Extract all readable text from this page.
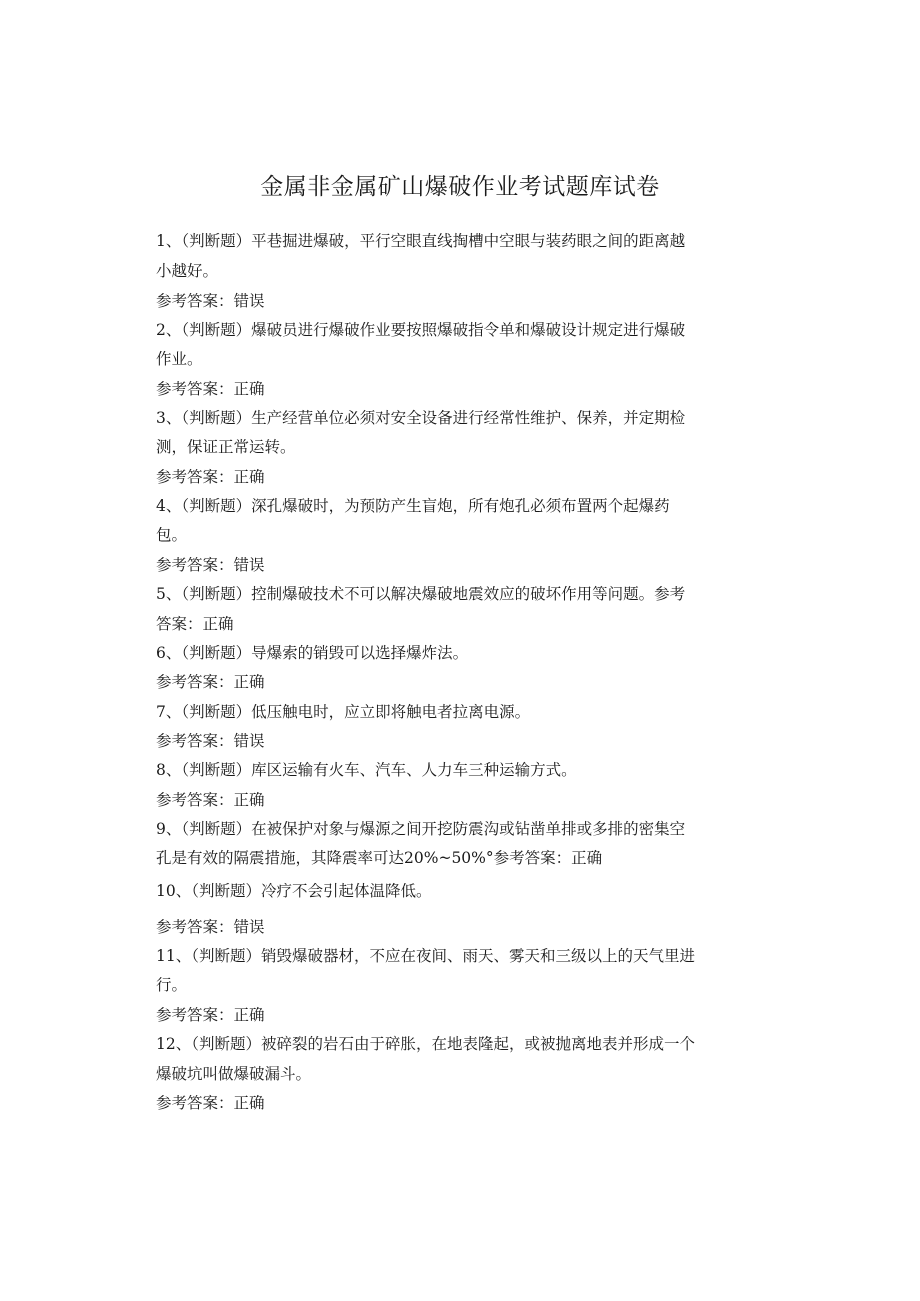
金属非金属矿山爆破作业考试题库试卷

1、（判断题）平巷掘进爆破，平行空眼直线掏槽中空眼与装药眼之间的距离越

小越好。

参考答案：错误

2、（判断题）爆破员进行爆破作业要按照爆破指令单和爆破设计规定进行爆破

作业。

参考答案：正确

3、（判断题）生产经营单位必须对安全设备进行经常性维护、保养，并定期检

测，保证正常运转。

参考答案：正确

4、（判断题）深孔爆破时，为预防产生盲炮，所有炮孔必须布置两个起爆药

包。

参考答案：错误

5、（判断题）控制爆破技术不可以解决爆破地震效应的破坏作用等问题。参考

答案：正确

6、（判断题）导爆索的销毁可以选择爆炸法。

参考答案：正确

7、（判断题）低压触电时，应立即将触电者拉离电源。

参考答案：错误

8、（判断题）库区运输有火车、汽车、人力车三种运输方式。

参考答案：正确

9、（判断题）在被保护对象与爆源之间开挖防震沟或钻凿单排或多排的密集空

孔是有效的隔震措施，其降震率可达20%~50%°参考答案：正确

10、（判断题）冷疗不会引起体温降低。

参考答案：错误

11、（判断题）销毁爆破器材，不应在夜间、雨天、雾天和三级以上的天气里进

行。

参考答案：正确

12、（判断题）被碎裂的岩石由于碎胀，在地表隆起，或被抛离地表并形成一个

爆破坑叫做爆破漏斗。

参考答案：正确
